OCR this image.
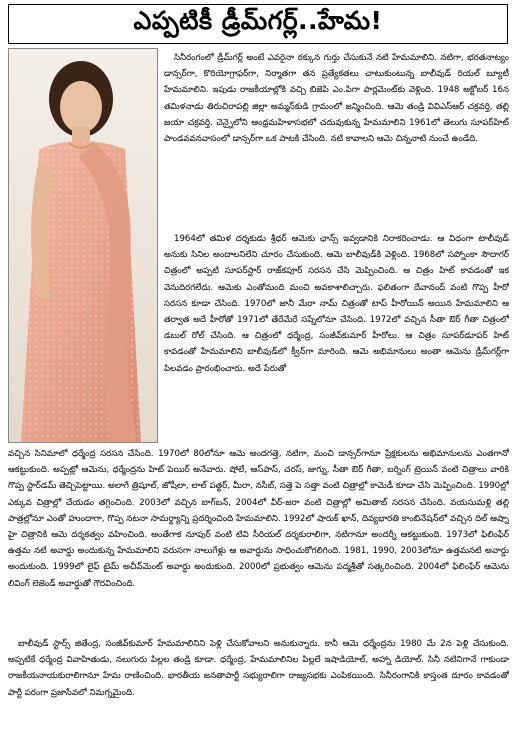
ఎప్పటికీ డ్రీమ్‌గర్ల్‌..హేమ!

సినీరంగంలో డ్రీమ్‌గర్ల్‌ అంటే ఎవరైనా ఠక్కున గుర్తు చేసుకునే నటి హేమమాలిని. నటిగా, భరతనాట్యం డాన్సర్‌గా, కొరియోగ్రాఫర్‌గా, నిర్మాతగా తన ప్రత్యేకతలు చాటుకుంటున్న బాలీవుడ్‌ రియల్‌ బ్యూటీ హేమమాలిని. ఇపుడు రాజకీయాల్లోకి వచ్చి బిజెపి ఎం.పిగా పార్లమెంట్‌కు వెళ్లింది. 1948 అక్టోబర్‌ 16న తమిళనాడు తిరుచిరాపల్లి జిల్లా అమ్మన్‌కుడి గ్రామంలో జన్మించింది. ఆమె తండ్రి వివిఎస్‌ఆర్‌ చక్రవర్తి, తల్లి జయా చక్రవర్తి. చెన్నైలోని ఆంధ్రమహిళాసభలో చదువుకున్న హేమమాలిని 1961లో తెలుగు సూపర్‌హిట్‌ పాండవవనవాసంలో డాన్సర్‌గా ఒక పాటకి చేసింది. నటి కావాలని ఆమె చిన్ననాటి నుంచే ఉండేది.

1964లో తమిళ దర్శకుడు శ్రీధర్‌ ఆమెకు ఛాన్స్‌ ఇవ్వడానికి నిరాకరించాడు. ఆ విధంగా టాలీవుడ్‌ అనుకు సినిల అందాలనిలేని చూరం చేసుకుంది. ఆమె బాలీవుడ్‌కి వెళ్లింది. 1968లో సప్నోంకా సౌదాగర్‌ చిత్రంలో అప్పటి సూపర్‌స్టార్‌ రాజ్‌కపూర్‌ సరసన చేసి మెప్పించింది. ఆ చిత్రం హిట్‌ కావడంతో ఇక వెనుదిరగలేదు. ఆమెకు ఎంతోమంది మంచి అవకాశాలిచ్చారు. ఫలితంగా దేవానంద్‌ వంటి గొప్ప హీరో సరసన కూడా చేసింది. 1970లో జానీ మేరా నామ్‌ చిత్రంతో టాప్‌ హీరోయిన్‌ అయిన హేమమాలిని ఆ తర్వాత అదే హీరోతో 1971లో తేరేమేరే సప్నేలోనూ చేసింది. 1972లో వచ్చిన సీతా ఔర్‌ గీతా చిత్రంలో డబుల్‌ రోల్‌ చేసింది. ఆ చిత్రంలో ధర్మేంద్ర, సంజీవ్‌కుమార్‌ హీరోలు. ఆ చిత్రం సూపర్‌డూపర్‌ హిట్‌ కావడంతో హేమమాలిని బాలీవుడ్‌లో క్వీన్‌గా మారింది. ఆమె అభిమానులు అంతా ఆమెను డ్రీమ్‌గర్ల్‌గా పిలవడం ప్రారంభించారు. అదే పేరుతో

వచ్చిన సినిమాలో ధర్మేంద్ర సరసన చేసింది. 1970లో 80లోనూ ఆమె అందగత్తె, నటిగా, మంచి డాన్సర్‌గానూ ప్రేక్షకులను అభిమానులను ఎంతగానో ఆకట్టుకుంది. అప్పట్లో ఆమెను, ధర్మేంద్రను హిట్‌ పెయిర్‌ అనేవారు. షోలే, ఆస్‌పాస్‌, చరస్‌, జుగ్ను, సీతా ఔర్‌ గీతా, బర్నింగ్‌ ట్రెయిన్‌ వంటి చిత్రాలు వారికి గొప్ప స్టార్‌డమ్‌ తెచ్చిపెట్టాయి. అలాగే త్రిషూల్‌, జోషీలా, లాల్‌ పత్థర్‌, మీరా, నసీబ్‌, సత్తె పె సత్తా వంటి చిత్రాల్లో కామెడీ కూడా చేసి మెప్పించింది. 1990ల్లో ఎక్కువ చిత్రాల్లో చేయడం తగ్గించింది. 2003లో వచ్చిన బాగ్‌బన్‌, 2004లో వీర్‌-జరా వంటి చిత్రాల్లో అమితాబ్‌ సరసన చేసింది. వయసుమళ్లి తల్లి పాత్రల్లోనూ ఎంతో హుందాగా, గొప్ప నటనా సామర్థ్యాన్ని ప్రదర్శించింది హేమమాలిని. 1992లో షారుక్‌ ఖాన్‌, దివ్యభారతి కాంబినేషన్‌లో వచ్చిన దిల్‌ ఆష్నా హై చిత్రానికి ఆమె దర్శకత్వం వహించింది. అంతేగాక నూపుర్‌ వంటి టివి సీరియల్‌ దర్శకురాలిగా, నటిగానూ అందర్నీ ఆకట్టుకుంది. 1973లో ఫిలింఫేర్‌ ఉత్తమ నటి అవార్డు అందుకున్న హేమమాలిని వరుసగా నాలుగేళ్లు ఆ అవార్డును సాధించుకోగలిగింది. 1981, 1990, 2003లోనూ ఉత్తమనటి అవార్డు అందుకుంది. 1999లో లైఫ్‌ టైమ్‌ అచీవ్‌మెంట్‌ అవార్డు అందుకుంది. 2000లో ప్రభుత్వం ఆమెను పద్మశ్రీతో సత్కరించింది. 2004లో ఫిలింఫేర్‌ ఆమెను లివింగ్‌ లెజెండ్‌ అవార్డుతో గౌరవించింది.

బాలీవుడ్‌ స్టార్స్‌ జితేంద్ర, సంజీవ్‌కుమార్‌ హేమమాలినిని పెళ్లి చేసుకోవాలని అనుకున్నారు. కానీ ఆమె ధర్మేంద్రను 1980 మే 2న పెళ్లి చేసుకుంది. అప్పటికే ధర్మేంద్ర వివాహితుడు, నలుగురు పిల్లల తండ్రి కూడా. ధర్మేంద్ర, హేమమాలినిల పిల్లలే ఇషాడియోల్‌, అహ్నా డియోల్‌. సినీ నటినిగానే గాకుండా రాజకీయనాయకురాలిగానూ హేమ రాణించింది. భారతీయ జనతాపార్టీ సభ్యురాలిగా రాజ్యసభకు ఎంపికయింది. సినీరంగానికి కాస్తంత దూరం కావడంతో పార్టీ పరంగా ప్రజాసేవలో నిమగ్నమైంది.
